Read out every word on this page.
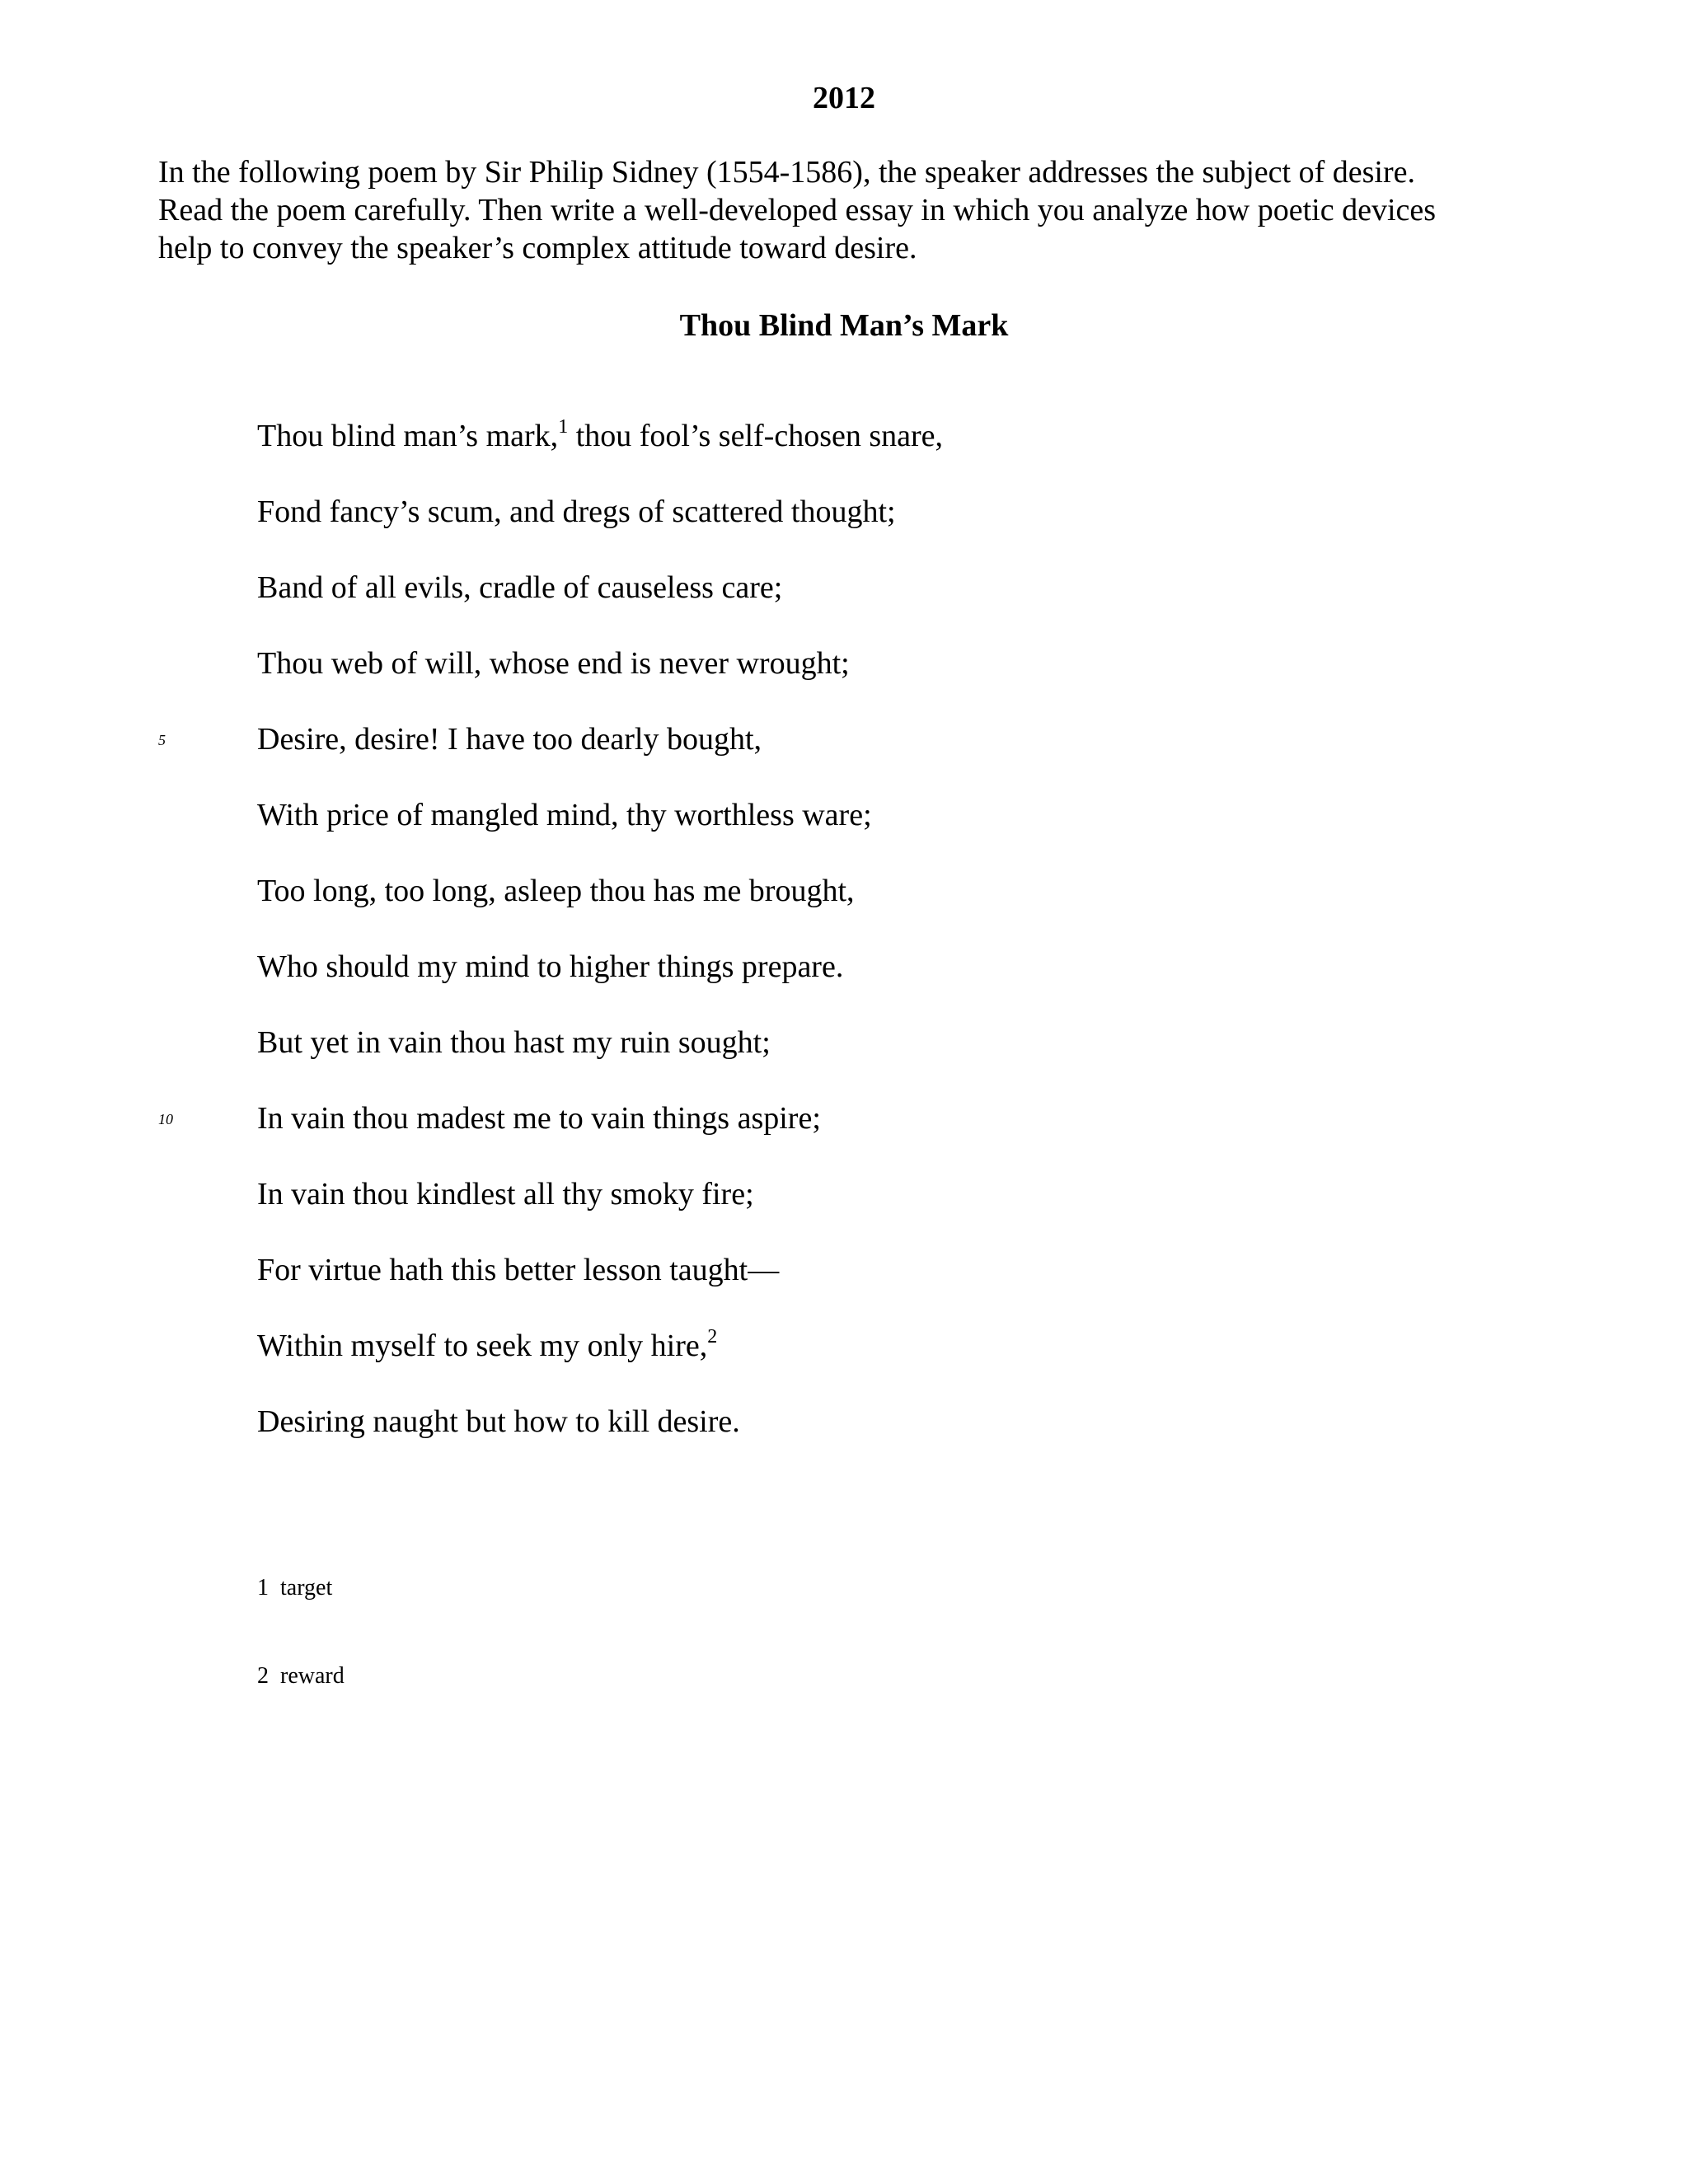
2012
In the following poem by Sir Philip Sidney (1554-1586), the speaker addresses the subject of desire.
Read the poem carefully. Then write a well-developed essay in which you analyze how poetic devices
help to convey the speaker’s complex attitude toward desire.
Thou Blind Man’s Mark
Thou blind man’s mark,$^1$ thou fool’s self-chosen snare,
Fond fancy’s scum, and dregs of scattered thought;
Band of all evils, cradle of causeless care;
Thou web of will, whose end is never wrought;
5	Desire, desire! I have too dearly bought,
With price of mangled mind, thy worthless ware;
Too long, too long, asleep thou has me brought,
Who should my mind to higher things prepare.
But yet in vain thou hast my ruin sought;
10	In vain thou madest me to vain things aspire;
In vain thou kindlest all thy smoky fire;
For virtue hath this better lesson taught—
Within myself to seek my only hire,$^2$
Desiring naught but how to kill desire.
1 target
2 reward
